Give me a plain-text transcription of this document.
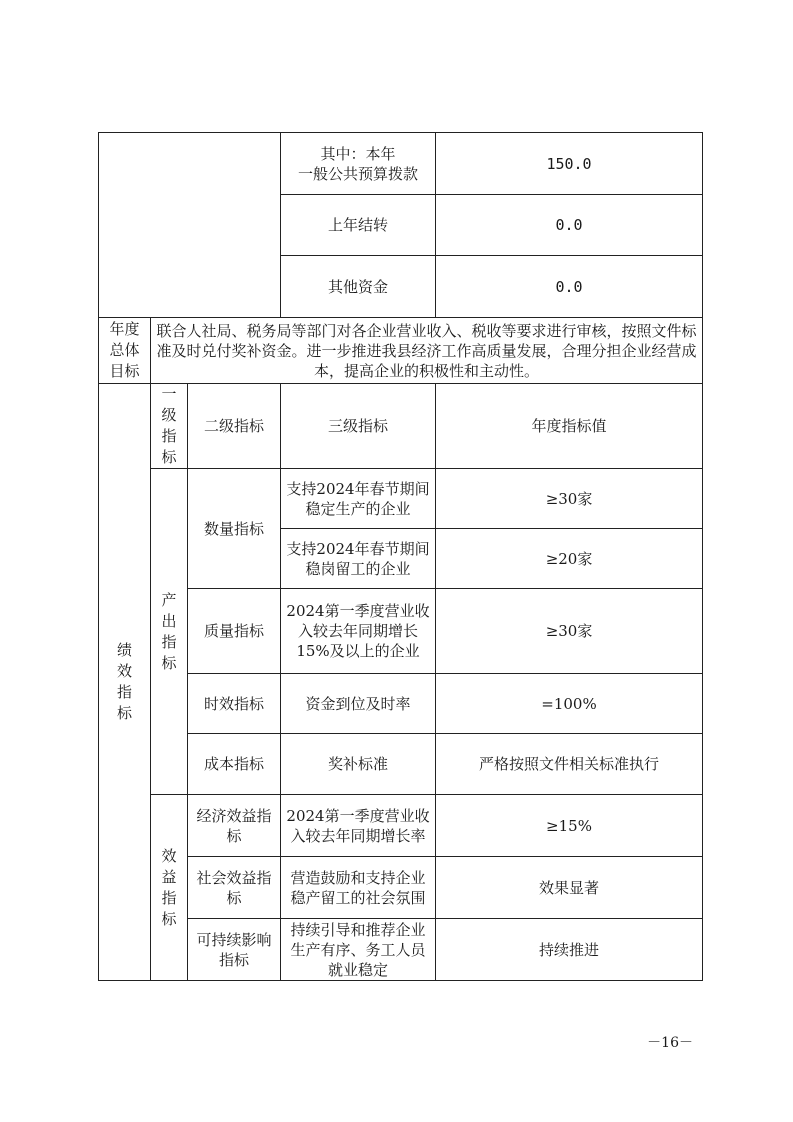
			其中：本年
一般公共预算拨款	150.0
			上年结转	0.0
			其他资金	0.0

年度总体目标	联合人社局、税务局等部门对各企业营业收入、税收等要求进行审核，按照文件标准及时兑付奖补资金。进一步推进我县经济工作高质量发展，合理分担企业经营成本，提高企业的积极性和主动性。			

绩效指标	一级指标	二级指标	三级指标	年度指标值

	产出指标	数量指标	支持2024年春节期间稳定生产的企业	≥30家
			支持2024年春节期间稳岗留工的企业	≥20家
		质量指标	2024第一季度营业收入较去年同期增长15%及以上的企业	≥30家
		时效指标	资金到位及时率	=100%
		成本指标	奖补标准	严格按照文件相关标准执行

	效益指标	经济效益指标	2024第一季度营业收入较去年同期增长率	≥15%
		社会效益指标	营造鼓励和支持企业稳产留工的社会氛围	效果显著
		可持续影响指标	持续引导和推荐企业生产有序、务工人员就业稳定	持续推进
－16－
